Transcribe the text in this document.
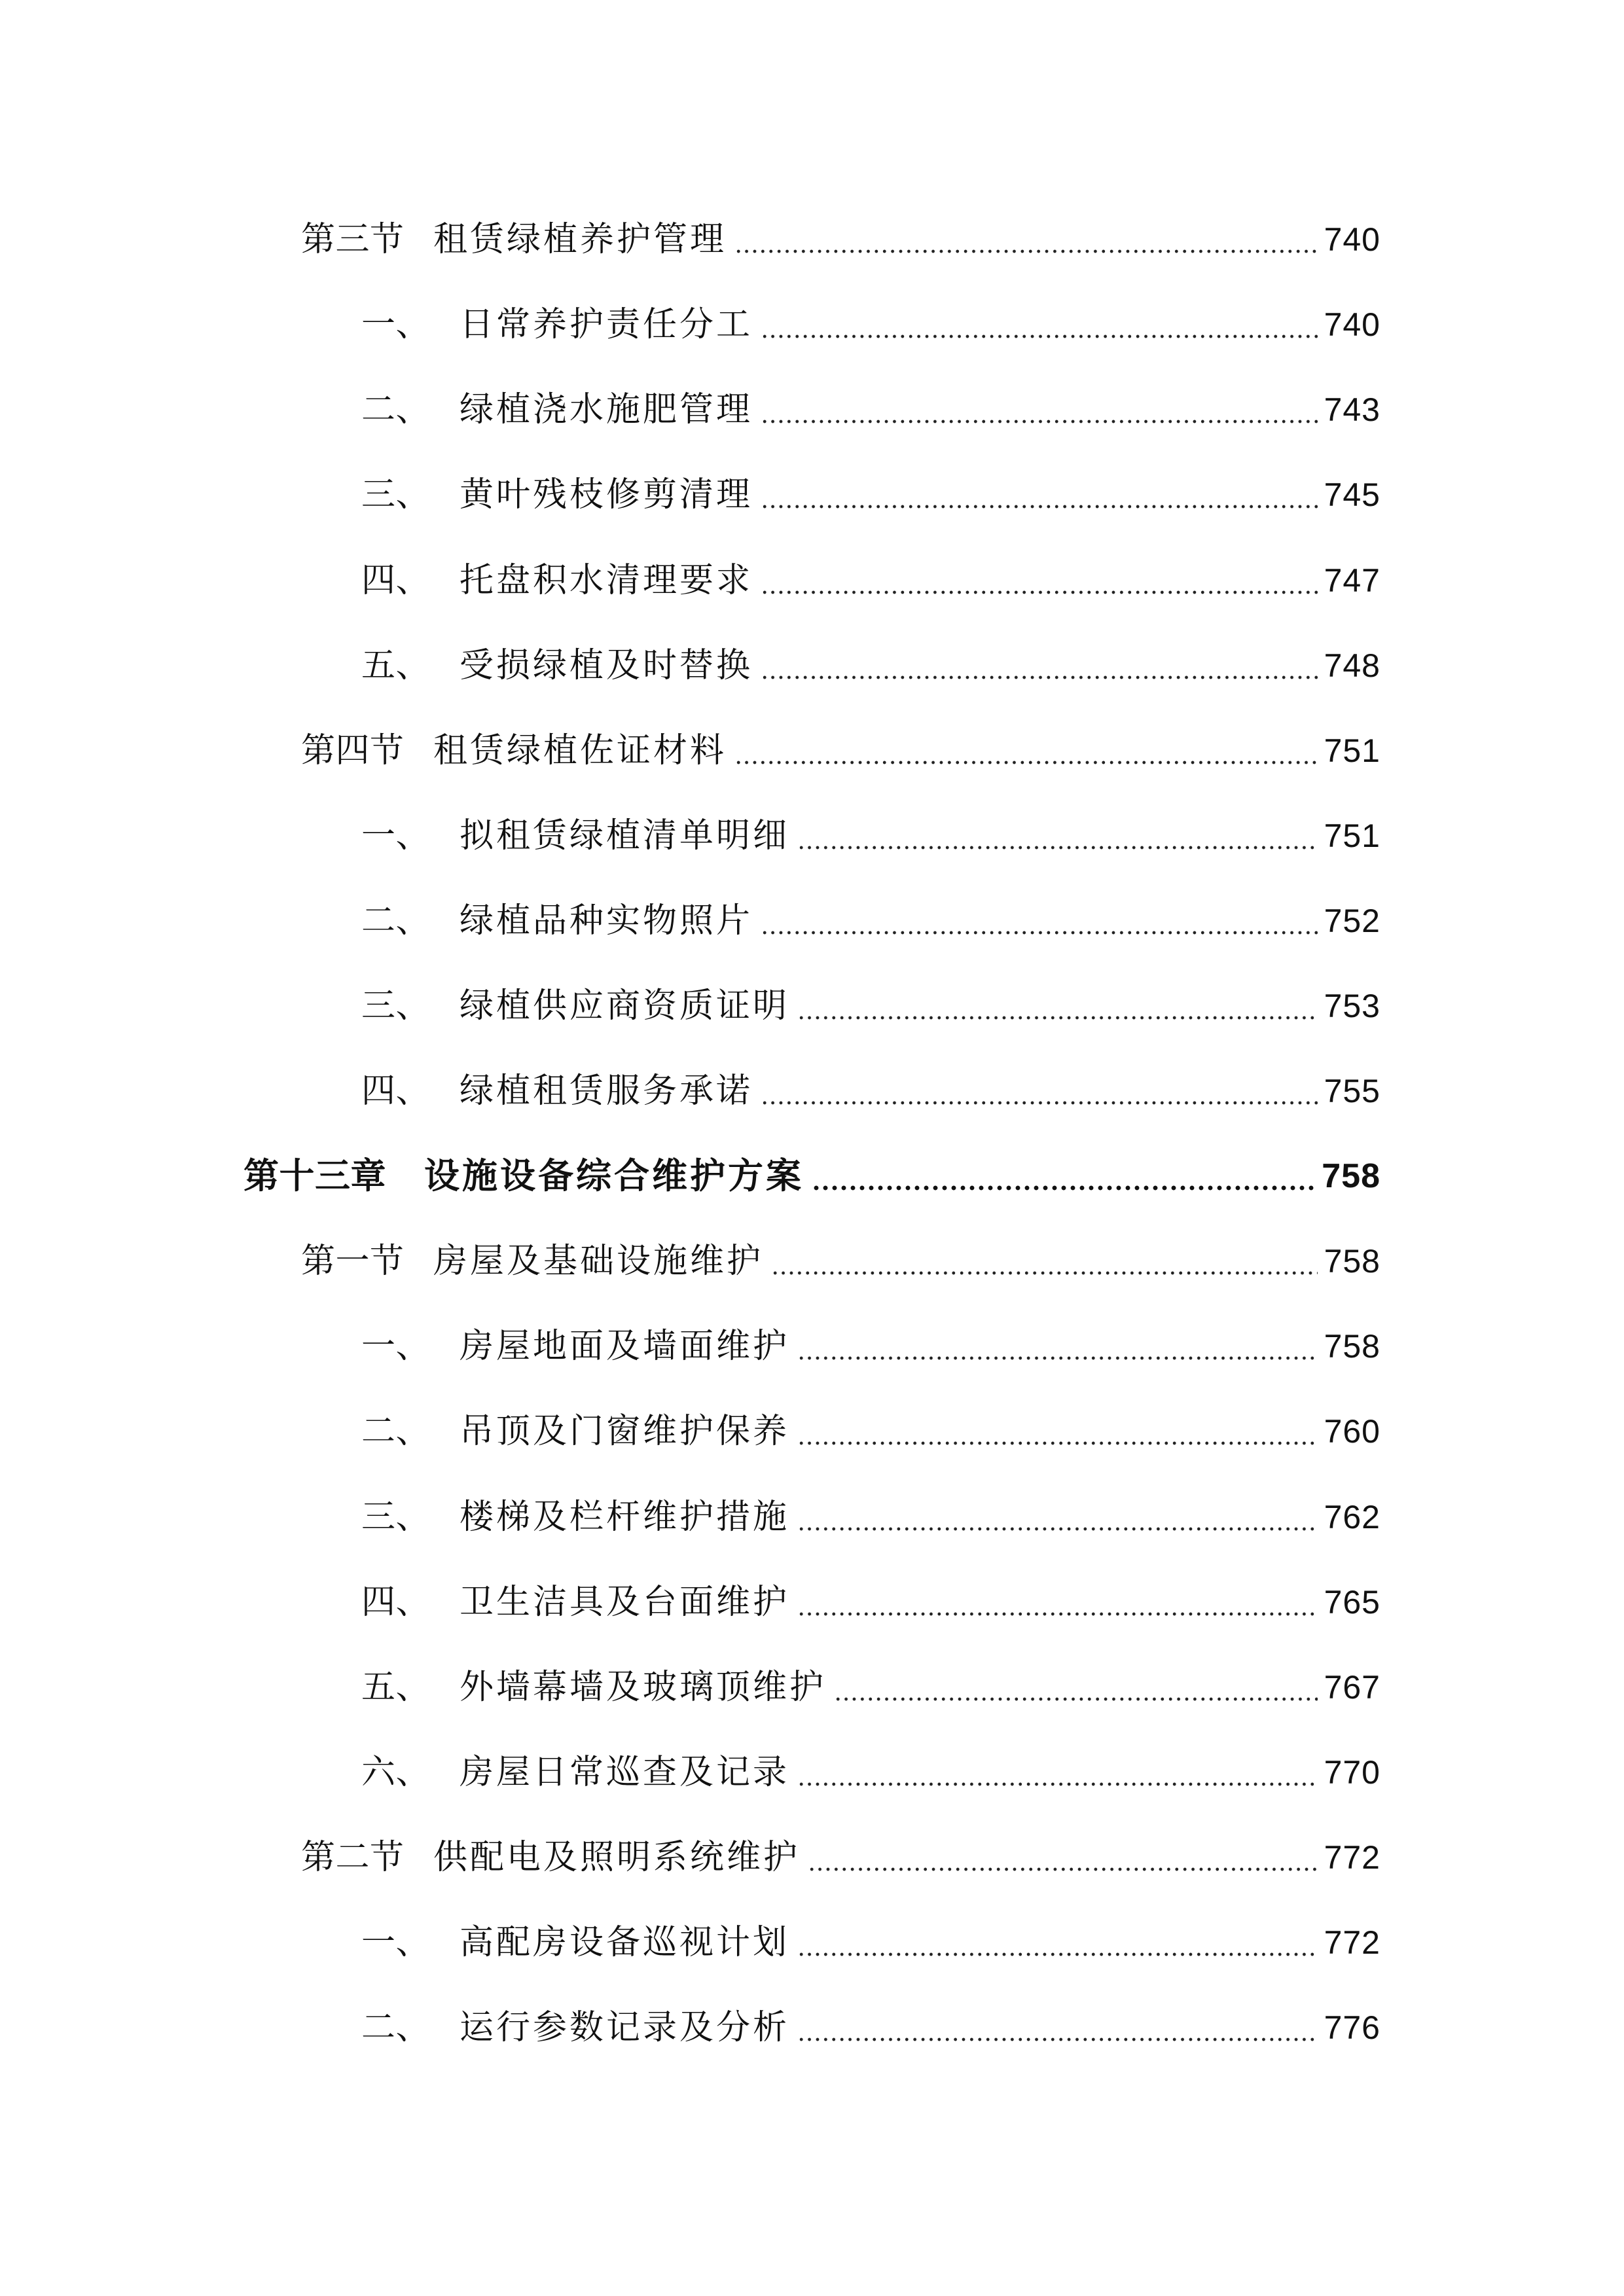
第三节 租赁绿植养护管理	740
一、 日常养护责任分工	740
二、 绿植浇水施肥管理	743
三、 黄叶残枝修剪清理	745
四、 托盘积水清理要求	747
五、 受损绿植及时替换	748
第四节 租赁绿植佐证材料	751
一、 拟租赁绿植清单明细	751
二、 绿植品种实物照片	752
三、 绿植供应商资质证明	753
四、 绿植租赁服务承诺	755
第十三章	设施设备综合维护方案	758
第一节 房屋及基础设施维护	758
一、 房屋地面及墙面维护	758
二、 吊顶及门窗维护保养	760
三、 楼梯及栏杆维护措施	762
四、 卫生洁具及台面维护	765
五、 外墙幕墙及玻璃顶维护	767
六、 房屋日常巡查及记录	770
第二节 供配电及照明系统维护	772
一、 高配房设备巡视计划	772
二、 运行参数记录及分析	776
